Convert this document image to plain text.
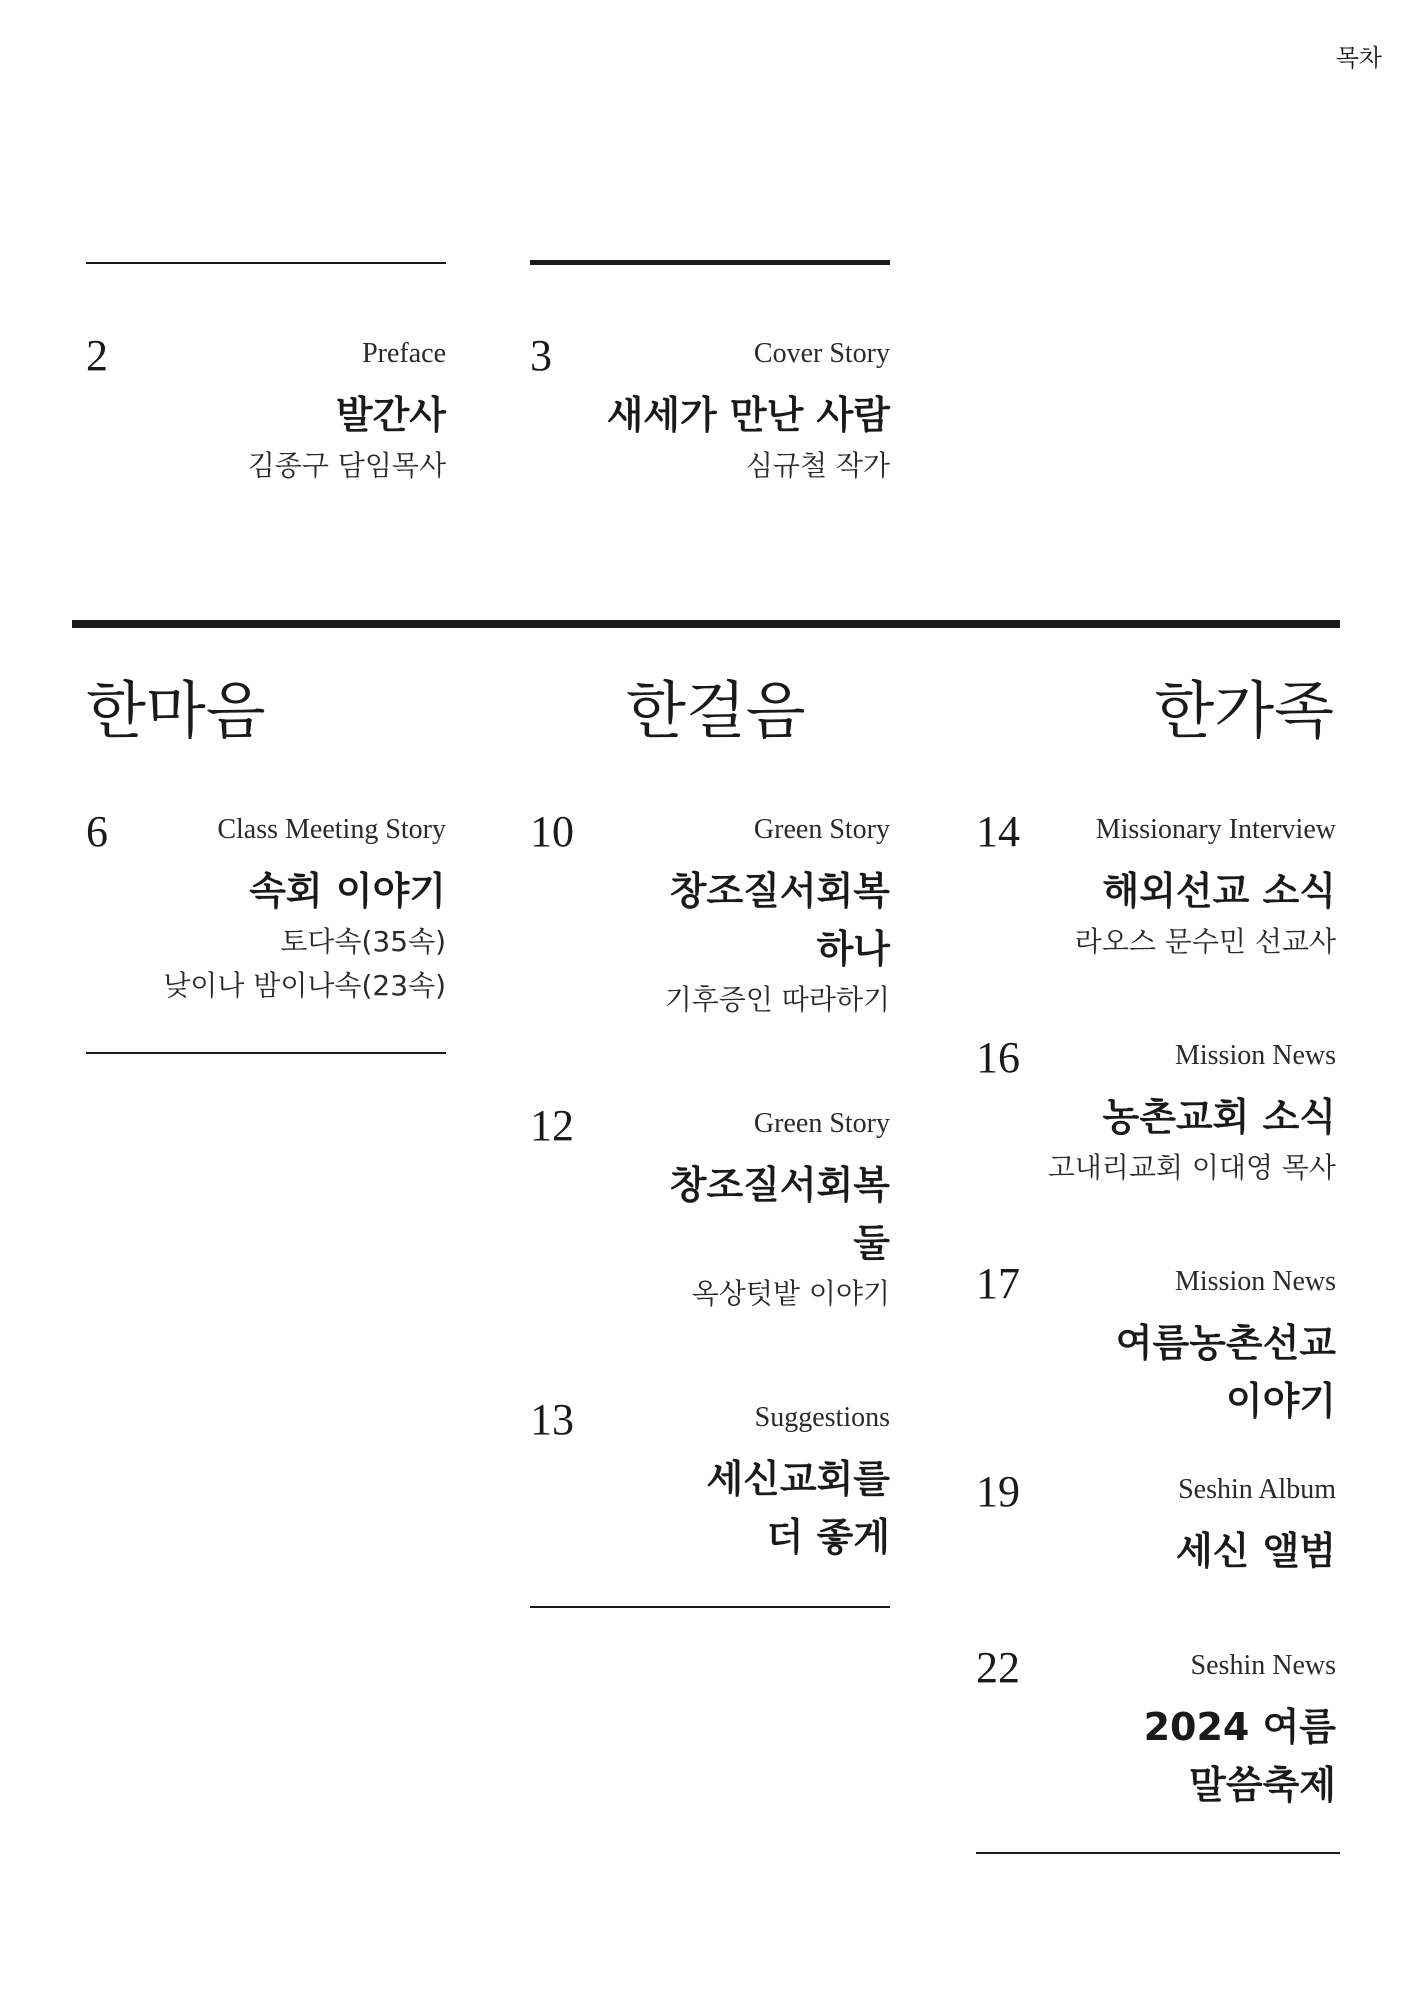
목차
2	Preface
발간사
김종구 담임목사
3	Cover Story
새세가 만난 사람
심규철 작가
한마음	한걸음	한가족
6	Class Meeting Story
속회 이야기
토다속(35속)
낮이나 밤이나속(23속)
10	Green Story
창조질서회복
하나
기후증인 따라하기
12	Green Story
창조질서회복
둘
옥상텃밭 이야기
13	Suggestions
세신교회를
더 좋게
14	Missionary Interview
해외선교 소식
라오스 문수민 선교사
16	Mission News
농촌교회 소식
고내리교회 이대영 목사
17	Mission News
여름농촌선교
이야기
19	Seshin Album
세신 앨범
22	Seshin News
2024 여름
말씀축제
